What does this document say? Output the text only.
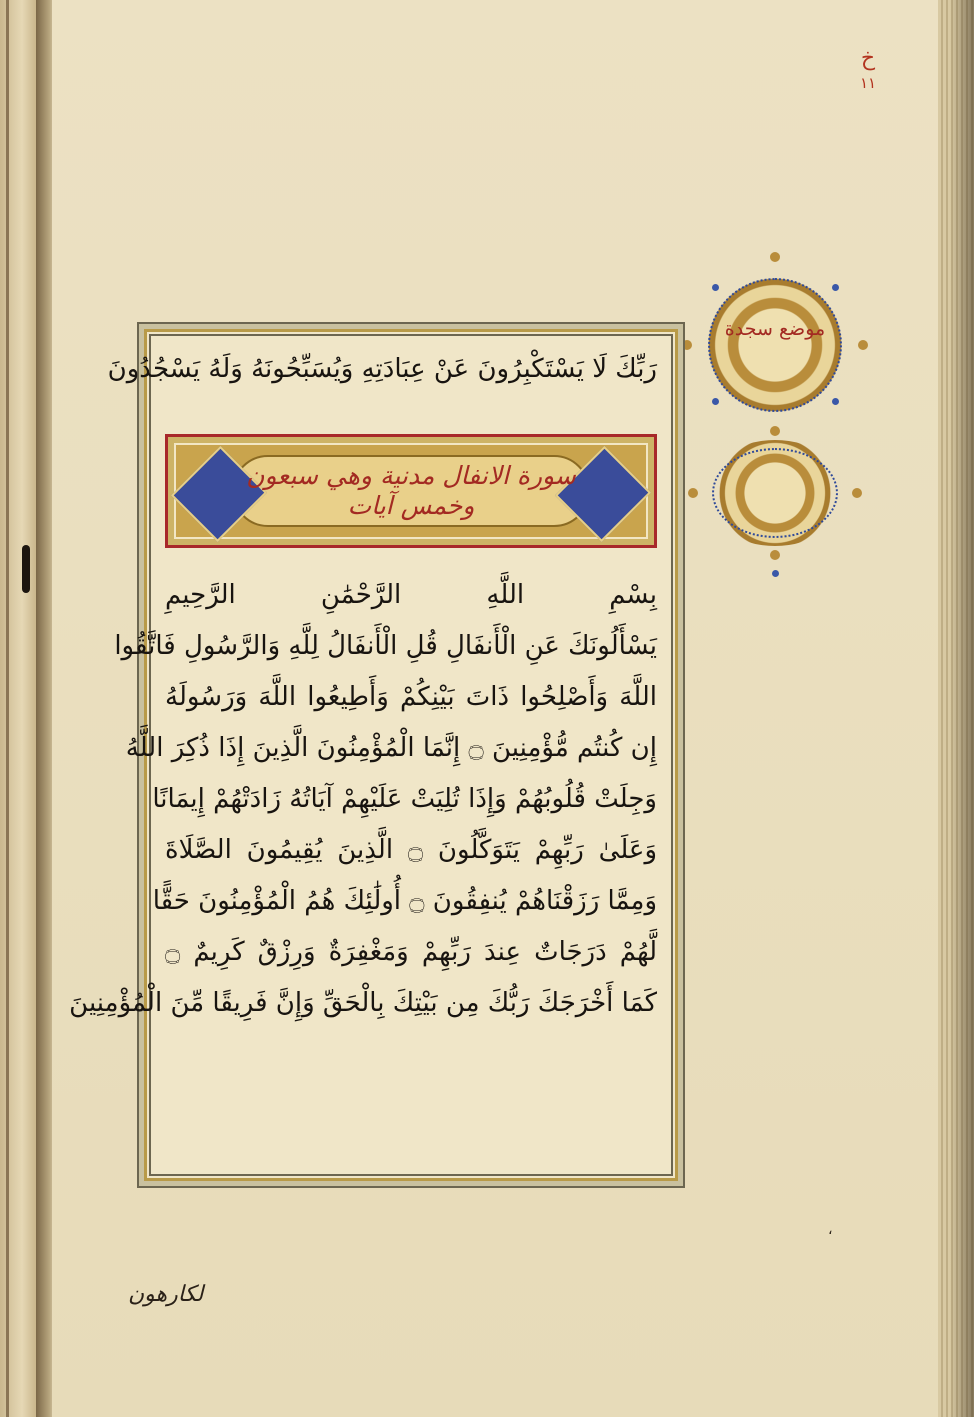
خ
١١
موضع سجدة
رَبِّكَ لَا يَسْتَكْبِرُونَ عَنْ عِبَادَتِهِ وَيُسَبِّحُونَهُ وَلَهُ يَسْجُدُونَ
سورة الانفال مدنية وهي سبعون وخمس آيات
بِسْمِ اللَّهِ الرَّحْمَٰنِ الرَّحِيمِ
يَسْأَلُونَكَ عَنِ الْأَنفَالِ قُلِ الْأَنفَالُ لِلَّهِ وَالرَّسُولِ فَاتَّقُوا
اللَّهَ وَأَصْلِحُوا ذَاتَ بَيْنِكُمْ وَأَطِيعُوا اللَّهَ وَرَسُولَهُ
إِن كُنتُم مُّؤْمِنِينَ ۝ إِنَّمَا الْمُؤْمِنُونَ الَّذِينَ إِذَا ذُكِرَ اللَّهُ
وَجِلَتْ قُلُوبُهُمْ وَإِذَا تُلِيَتْ عَلَيْهِمْ آيَاتُهُ زَادَتْهُمْ إِيمَانًا
وَعَلَىٰ رَبِّهِمْ يَتَوَكَّلُونَ ۝ الَّذِينَ يُقِيمُونَ الصَّلَاةَ
وَمِمَّا رَزَقْنَاهُمْ يُنفِقُونَ ۝ أُولَٰئِكَ هُمُ الْمُؤْمِنُونَ حَقًّا
لَّهُمْ دَرَجَاتٌ عِندَ رَبِّهِمْ وَمَغْفِرَةٌ وَرِزْقٌ كَرِيمٌ ۝
كَمَا أَخْرَجَكَ رَبُّكَ مِن بَيْتِكَ بِالْحَقِّ وَإِنَّ فَرِيقًا مِّنَ الْمُؤْمِنِينَ
،
لكارهون
